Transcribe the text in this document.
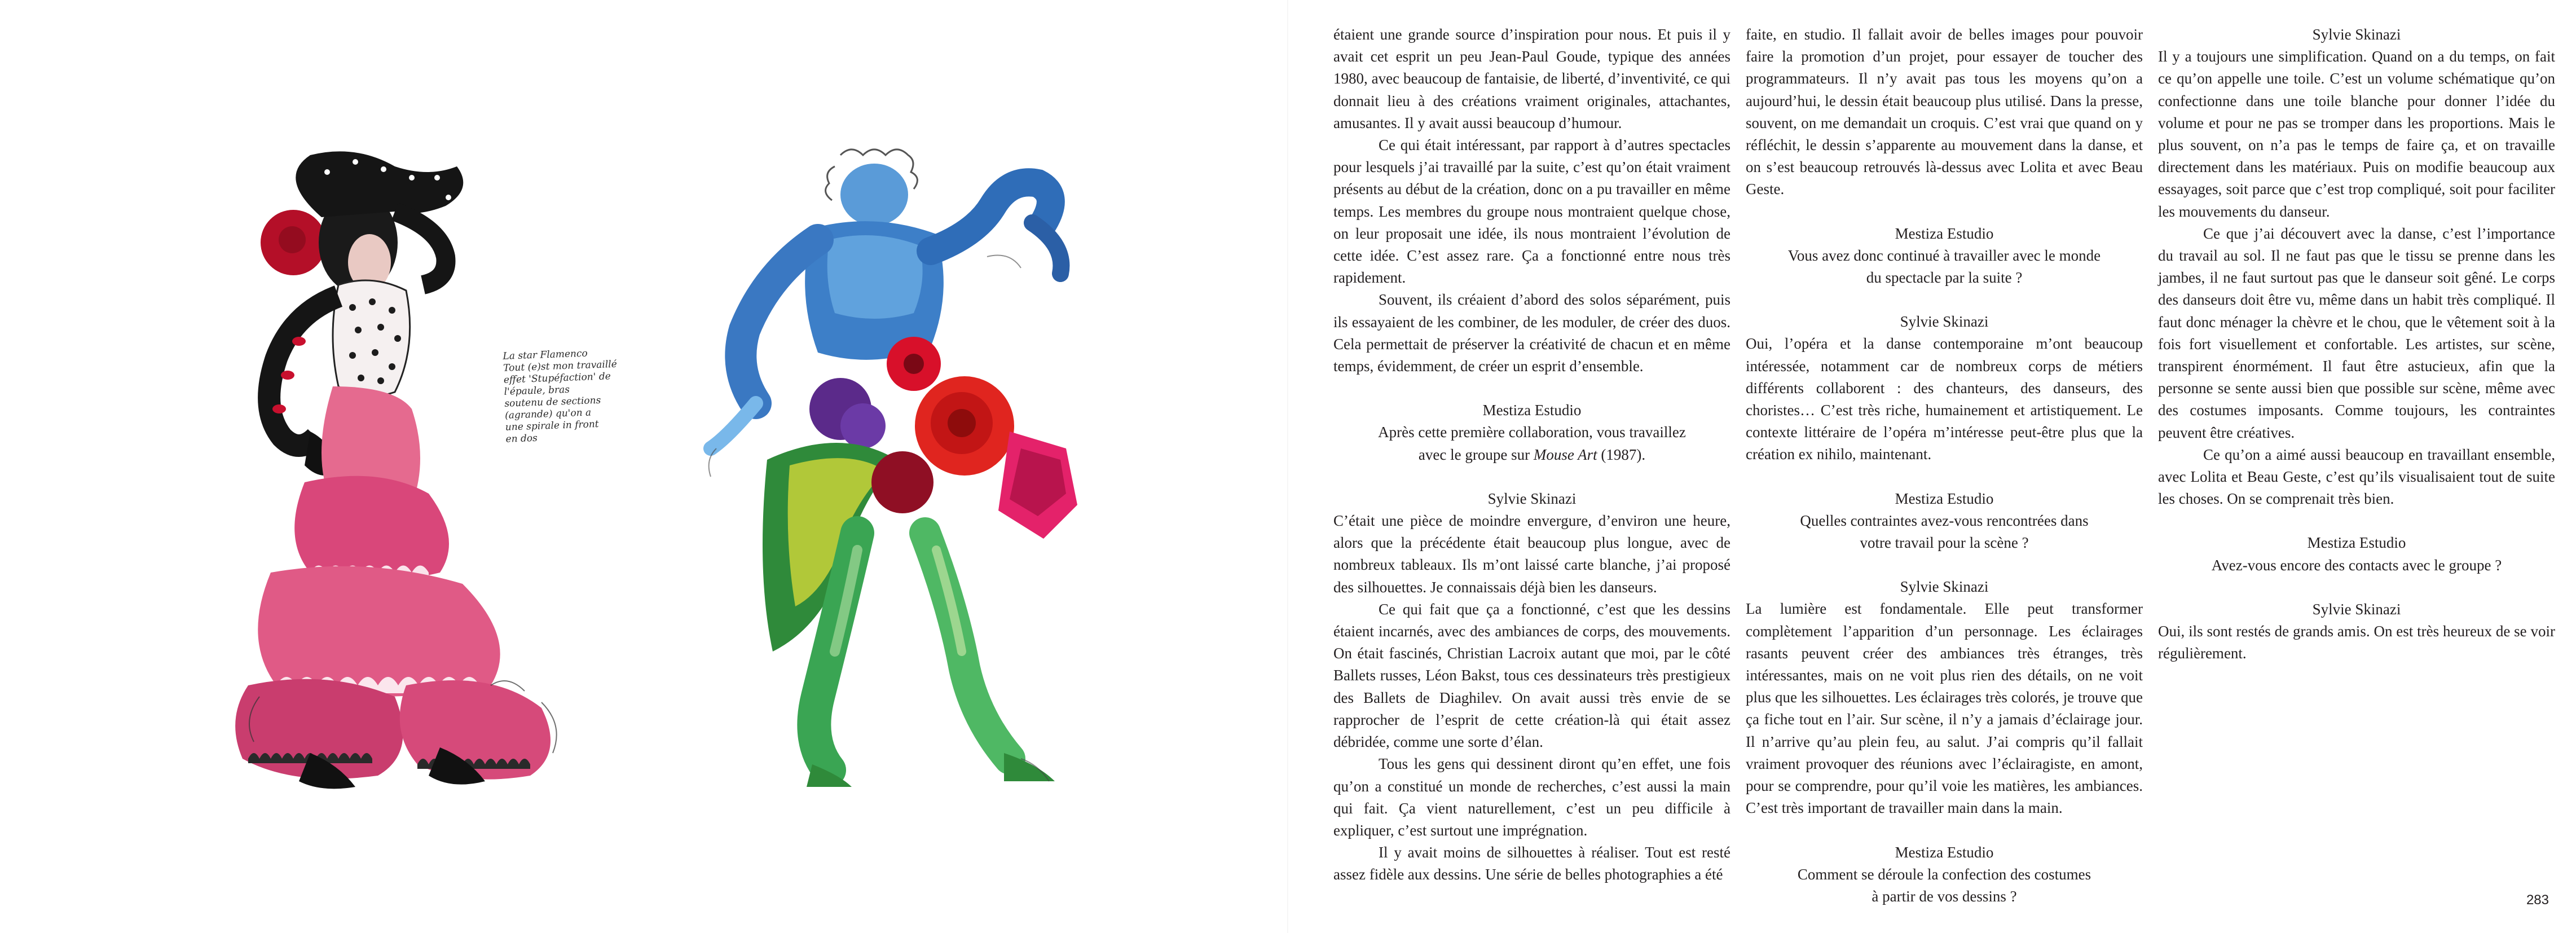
La star Flamenco
Tout (e)st mon travaillé
effet 'Stupéfaction' de
l'épaule, bras
soutenu de sections
(agrande) qu'on a
une spirale in front
en dos

étaient une grande source d’inspiration pour nous. Et puis il y avait cet esprit un peu Jean-Paul Goude, typique des années 1980, avec beaucoup de fantaisie, de liberté, d’inventivité, ce qui donnait lieu à des créations vraiment originales, attachantes, amusantes. Il y avait aussi beaucoup d’humour.

Ce qui était intéressant, par rapport à d’autres spectacles pour lesquels j’ai travaillé par la suite, c’est qu’on était vraiment présents au début de la création, donc on a pu travailler en même temps. Les membres du groupe nous montraient quelque chose, on leur proposait une idée, ils nous montraient l’évolution de cette idée. C’est assez rare. Ça a fonctionné entre nous très rapidement.

Souvent, ils créaient d’abord des solos séparément, puis ils essayaient de les combiner, de les moduler, de créer des duos. Cela permettait de préserver la créativité de chacun et en même temps, évidemment, de créer un esprit d’ensemble.

Mestiza Estudio

Après cette première collaboration, vous travaillez

avec le groupe sur Mouse Art (1987).

Sylvie Skinazi

C’était une pièce de moindre envergure, d’environ une heure, alors que la précédente était beaucoup plus longue, avec de nombreux tableaux. Ils m’ont laissé carte blanche, j’ai proposé des silhouettes. Je connaissais déjà bien les danseurs.

Ce qui fait que ça a fonctionné, c’est que les dessins étaient incarnés, avec des ambiances de corps, des mouvements. On était fascinés, Christian Lacroix autant que moi, par le côté Ballets russes, Léon Bakst, tous ces dessinateurs très prestigieux des Ballets de Diaghilev. On avait aussi très envie de se rapprocher de l’esprit de cette création-là qui était assez débridée, comme une sorte d’élan.

Tous les gens qui dessinent diront qu’en effet, une fois qu’on a constitué un monde de recherches, c’est aussi la main qui fait. Ça vient naturellement, c’est un peu difficile à expliquer, c’est surtout une imprégnation.

Il y avait moins de silhouettes à réaliser. Tout est resté assez fidèle aux dessins. Une série de belles photographies a été

faite, en studio. Il fallait avoir de belles images pour pouvoir faire la promotion d’un projet, pour essayer de toucher des programmateurs. Il n’y avait pas tous les moyens qu’on a aujourd’hui, le dessin était beaucoup plus utilisé. Dans la presse, souvent, on me demandait un croquis. C’est vrai que quand on y réfléchit, le dessin s’apparente au mouvement dans la danse, et on s’est beaucoup retrouvés là-dessus avec Lolita et avec Beau Geste.

Mestiza Estudio

Vous avez donc continué à travailler avec le monde

du spectacle par la suite ?

Sylvie Skinazi

Oui, l’opéra et la danse contemporaine m’ont beaucoup intéressée, notamment car de nombreux corps de métiers différents collaborent : des chanteurs, des danseurs, des choristes… C’est très riche, humainement et artistiquement. Le contexte littéraire de l’opéra m’intéresse peut-être plus que la création ex nihilo, maintenant.

Mestiza Estudio

Quelles contraintes avez-vous rencontrées dans

votre travail pour la scène ?

Sylvie Skinazi

La lumière est fondamentale. Elle peut transformer complètement l’apparition d’un personnage. Les éclairages rasants peuvent créer des ambiances très étranges, très intéressantes, mais on ne voit plus rien des détails, on ne voit plus que les silhouettes. Les éclairages très colorés, je trouve que ça fiche tout en l’air. Sur scène, il n’y a jamais d’éclairage jour. Il n’arrive qu’au plein feu, au salut. J’ai compris qu’il fallait vraiment provoquer des réunions avec l’éclairagiste, en amont, pour se comprendre, pour qu’il voie les matières, les ambiances. C’est très important de travailler main dans la main.

Mestiza Estudio

Comment se déroule la confection des costumes

à partir de vos dessins ?

Sylvie Skinazi

Il y a toujours une simplification. Quand on a du temps, on fait ce qu’on appelle une toile. C’est un volume schématique qu’on confectionne dans une toile blanche pour donner l’idée du volume et pour ne pas se tromper dans les proportions. Mais le plus souvent, on n’a pas le temps de faire ça, et on travaille directement dans les matériaux. Puis on modifie beaucoup aux essayages, soit parce que c’est trop compliqué, soit pour faciliter les mouvements du danseur.

Ce que j’ai découvert avec la danse, c’est l’importance du travail au sol. Il ne faut pas que le tissu se prenne dans les jambes, il ne faut surtout pas que le danseur soit gêné. Le corps des danseurs doit être vu, même dans un habit très compliqué. Il faut donc ménager la chèvre et le chou, que le vêtement soit à la fois fort visuellement et confortable. Les artistes, sur scène, transpirent énormément. Il faut être astucieux, afin que la personne se sente aussi bien que possible sur scène, même avec des costumes imposants. Comme toujours, les contraintes peuvent être créatives.

Ce qu’on a aimé aussi beaucoup en travaillant ensemble, avec Lolita et Beau Geste, c’est qu’ils visualisaient tout de suite les choses. On se comprenait très bien.

Mestiza Estudio

Avez-vous encore des contacts avec le groupe ?

Sylvie Skinazi

Oui, ils sont restés de grands amis. On est très heureux de se voir régulièrement.

283
